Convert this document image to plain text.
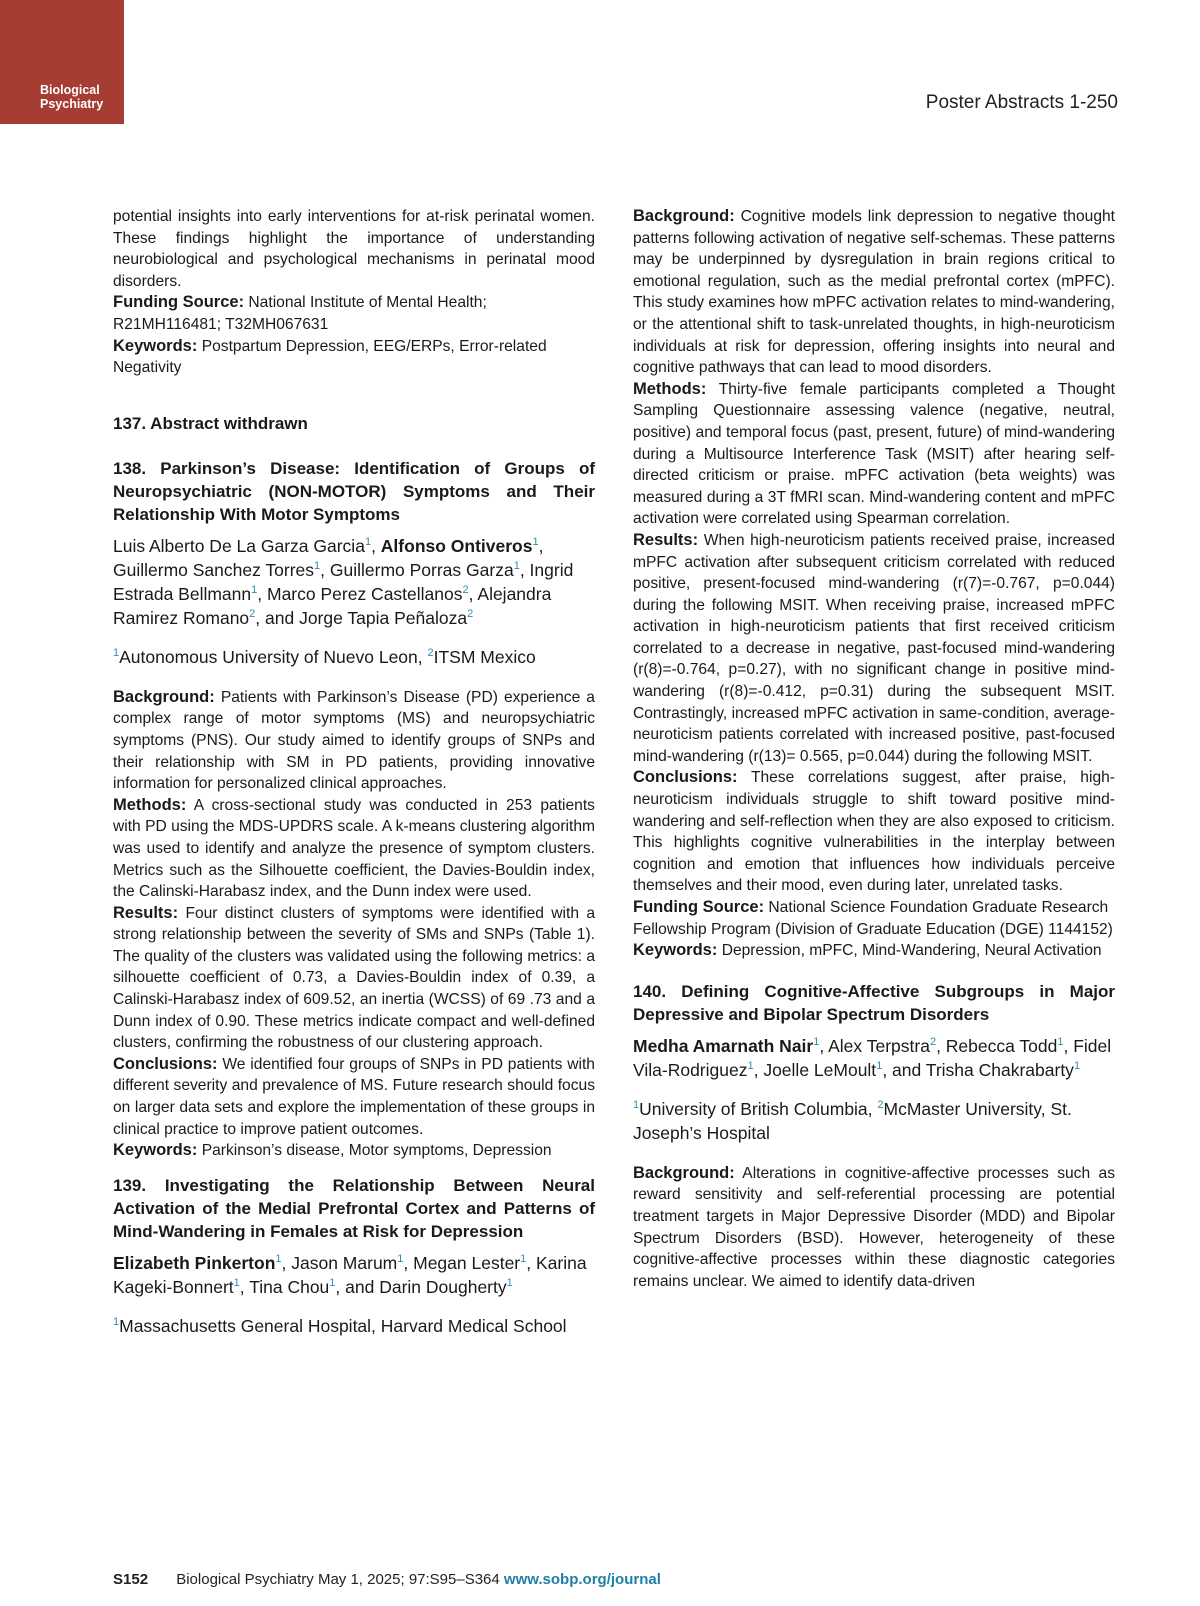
Biological
Psychiatry	Poster Abstracts 1-250

potential insights into early interventions for at-risk perinatal women. These findings highlight the importance of understanding neurobiological and psychological mechanisms in perinatal mood disorders.

Funding Source: National Institute of Mental Health; R21MH116481; T32MH067631

Keywords: Postpartum Depression, EEG/ERPs, Error-related Negativity

137. Abstract withdrawn

138. Parkinson’s Disease: Identification of Groups of Neuropsychiatric (NON-MOTOR) Symptoms and Their Relationship With Motor Symptoms

Luis Alberto De La Garza Garcia$^1$, Alfonso Ontiveros$^1$, Guillermo Sanchez Torres$^1$, Guillermo Porras Garza$^1$, Ingrid Estrada Bellmann$^1$, Marco Perez Castellanos$^2$, Alejandra Ramirez Romano$^2$, and Jorge Tapia Peñaloza$^2$

$^1$Autonomous University of Nuevo Leon, $^2$ITSM Mexico

Background: Patients with Parkinson’s Disease (PD) experience a complex range of motor symptoms (MS) and neuropsychiatric symptoms (PNS). Our study aimed to identify groups of SNPs and their relationship with SM in PD patients, providing innovative information for personalized clinical approaches.

Methods: A cross-sectional study was conducted in 253 patients with PD using the MDS-UPDRS scale. A k-means clustering algorithm was used to identify and analyze the presence of symptom clusters. Metrics such as the Silhouette coefficient, the Davies-Bouldin index, the Calinski-Harabasz index, and the Dunn index were used.

Results: Four distinct clusters of symptoms were identified with a strong relationship between the severity of SMs and SNPs (Table 1). The quality of the clusters was validated using the following metrics: a silhouette coefficient of 0.73, a Davies-Bouldin index of 0.39, a Calinski-Harabasz index of 609.52, an inertia (WCSS) of 69 .73 and a Dunn index of 0.90. These metrics indicate compact and well-defined clusters, confirming the robustness of our clustering approach.

Conclusions: We identified four groups of SNPs in PD patients with different severity and prevalence of MS. Future research should focus on larger data sets and explore the implementation of these groups in clinical practice to improve patient outcomes.

Keywords: Parkinson’s disease, Motor symptoms, Depression

139. Investigating the Relationship Between Neural Activation of the Medial Prefrontal Cortex and Patterns of Mind-Wandering in Females at Risk for Depression

Elizabeth Pinkerton$^1$, Jason Marum$^1$, Megan Lester$^1$, Karina Kageki-Bonnert$^1$, Tina Chou$^1$, and Darin Dougherty$^1$

$^1$Massachusetts General Hospital, Harvard Medical School

Background: Cognitive models link depression to negative thought patterns following activation of negative self-schemas. These patterns may be underpinned by dysregulation in brain regions critical to emotional regulation, such as the medial prefrontal cortex (mPFC). This study examines how mPFC activation relates to mind-wandering, or the attentional shift to task-unrelated thoughts, in high-neuroticism individuals at risk for depression, offering insights into neural and cognitive pathways that can lead to mood disorders.

Methods: Thirty-five female participants completed a Thought Sampling Questionnaire assessing valence (negative, neutral, positive) and temporal focus (past, present, future) of mind-wandering during a Multisource Interference Task (MSIT) after hearing self-directed criticism or praise. mPFC activation (beta weights) was measured during a 3T fMRI scan. Mind-wandering content and mPFC activation were correlated using Spearman correlation.

Results: When high-neuroticism patients received praise, increased mPFC activation after subsequent criticism correlated with reduced positive, present-focused mind-wandering (r(7)=-0.767, p=0.044) during the following MSIT. When receiving praise, increased mPFC activation in high-neuroticism patients that first received criticism correlated to a decrease in negative, past-focused mind-wandering (r(8)=-0.764, p=0.27), with no significant change in positive mind-wandering (r(8)=-0.412, p=0.31) during the subsequent MSIT. Contrastingly, increased mPFC activation in same-condition, average-neuroticism patients correlated with increased positive, past-focused mind-wandering (r(13)= 0.565, p=0.044) during the following MSIT.

Conclusions: These correlations suggest, after praise, high-neuroticism individuals struggle to shift toward positive mind-wandering and self-reflection when they are also exposed to criticism. This highlights cognitive vulnerabilities in the interplay between cognition and emotion that influences how individuals perceive themselves and their mood, even during later, unrelated tasks.

Funding Source: National Science Foundation Graduate Research Fellowship Program (Division of Graduate Education (DGE) 1144152)

Keywords: Depression, mPFC, Mind-Wandering, Neural Activation

140. Defining Cognitive-Affective Subgroups in Major Depressive and Bipolar Spectrum Disorders

Medha Amarnath Nair$^1$, Alex Terpstra$^2$, Rebecca Todd$^1$, Fidel Vila-Rodriguez$^1$, Joelle LeMoult$^1$, and Trisha Chakrabarty$^1$

$^1$University of British Columbia, $^2$McMaster University, St. Joseph’s Hospital

Background: Alterations in cognitive-affective processes such as reward sensitivity and self-referential processing are potential treatment targets in Major Depressive Disorder (MDD) and Bipolar Spectrum Disorders (BSD). However, heterogeneity of these cognitive-affective processes within these diagnostic categories remains unclear. We aimed to identify data-driven

S152 Biological Psychiatry May 1, 2025; 97:S95–S364 www.sobp.org/journal
